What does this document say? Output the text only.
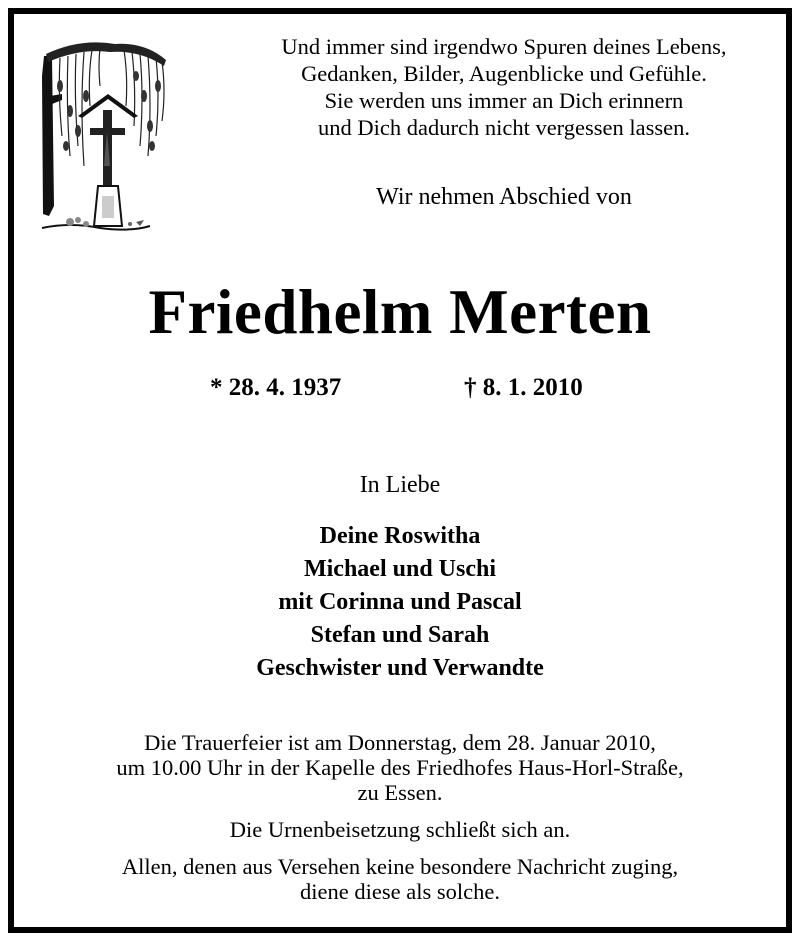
Und immer sind irgendwo Spuren deines Lebens,
Gedanken, Bilder, Augenblicke und Gefühle.
Sie werden uns immer an Dich erinnern
und Dich dadurch nicht vergessen lassen.
Wir nehmen Abschied von
Friedhelm Merten
* 28. 4. 1937	† 8. 1. 2010
In Liebe
Deine Roswitha
Michael und Uschi
mit Corinna und Pascal
Stefan und Sarah
Geschwister und Verwandte
Die Trauerfeier ist am Donnerstag, dem 28. Januar 2010,
um 10.00 Uhr in der Kapelle des Friedhofes Haus-Horl-Straße,
zu Essen.
Die Urnenbeisetzung schließt sich an.
Allen, denen aus Versehen keine besondere Nachricht zuging,
diene diese als solche.
